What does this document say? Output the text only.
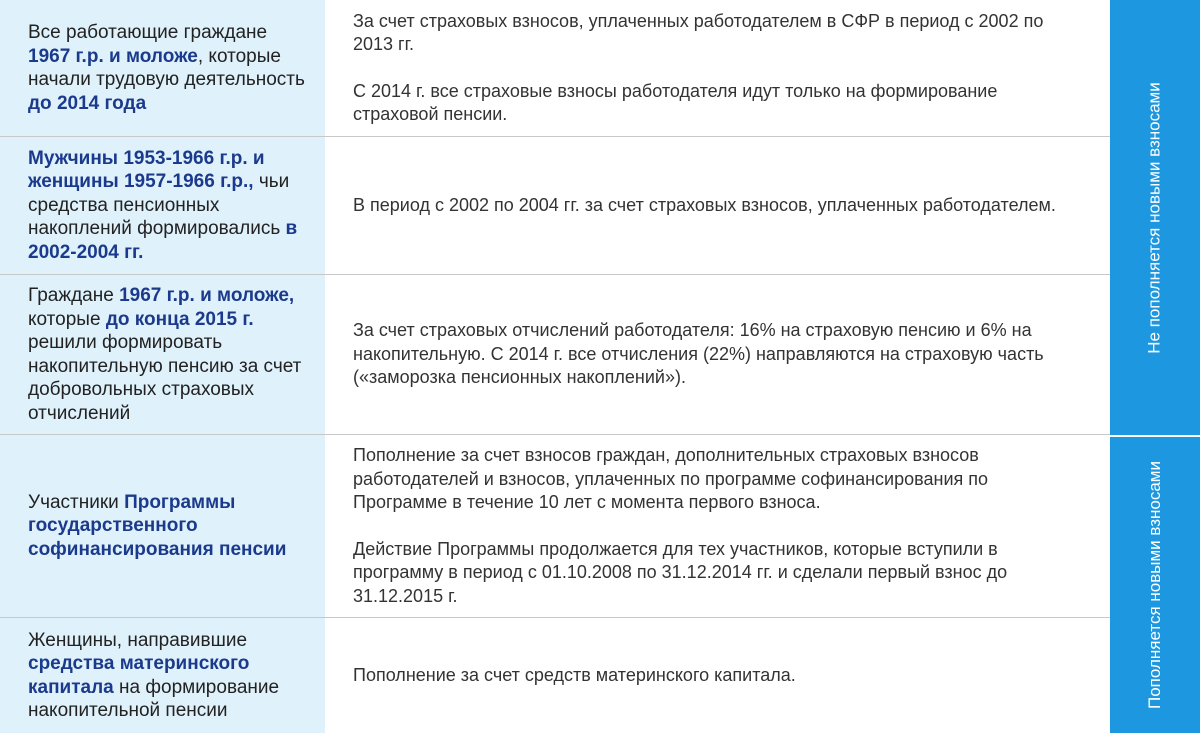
Все работающие граждане 1967 г.р. и моложе, которые начали трудовую деятельность до 2014 года

За счет страховых взносов, уплаченных работодателем в СФР в период с 2002 по 2013 гг.

С 2014 г. все страховые взносы работодателя идут только на формирование страховой пенсии.

Мужчины 1953-1966 г.р. и женщины 1957-1966 г.р., чьи средства пенсионных накоплений формировались в 2002-2004 гг.

В период с 2002 по 2004 гг. за счет страховых взносов, уплаченных работодателем.

Граждане 1967 г.р. и моложе, которые до конца 2015 г. решили формировать накопительную пенсию за счет добровольных страховых отчислений

За счет страховых отчислений работодателя: 16% на страховую пенсию и 6% на накопительную. С 2014 г. все отчисления (22%) направляются на страховую часть («заморозка пенсионных накоплений»).

Участники Программы государственного софинансирования пенсии

Пополнение за счет взносов граждан, дополнительных страховых взносов работодателей и взносов, уплаченных по программе софинансирования по Программе в течение 10 лет с момента первого взноса.

Действие Программы продолжается для тех участников, которые вступили в программу в период с 01.10.2008 по 31.12.2014 гг. и сделали первый взнос до 31.12.2015 г.

Женщины, направившие средства материнского капитала на формирование накопительной пенсии

Пополнение за счет средств материнского капитала.

Не пополняется новыми взносами
Пополняется новыми взносами
